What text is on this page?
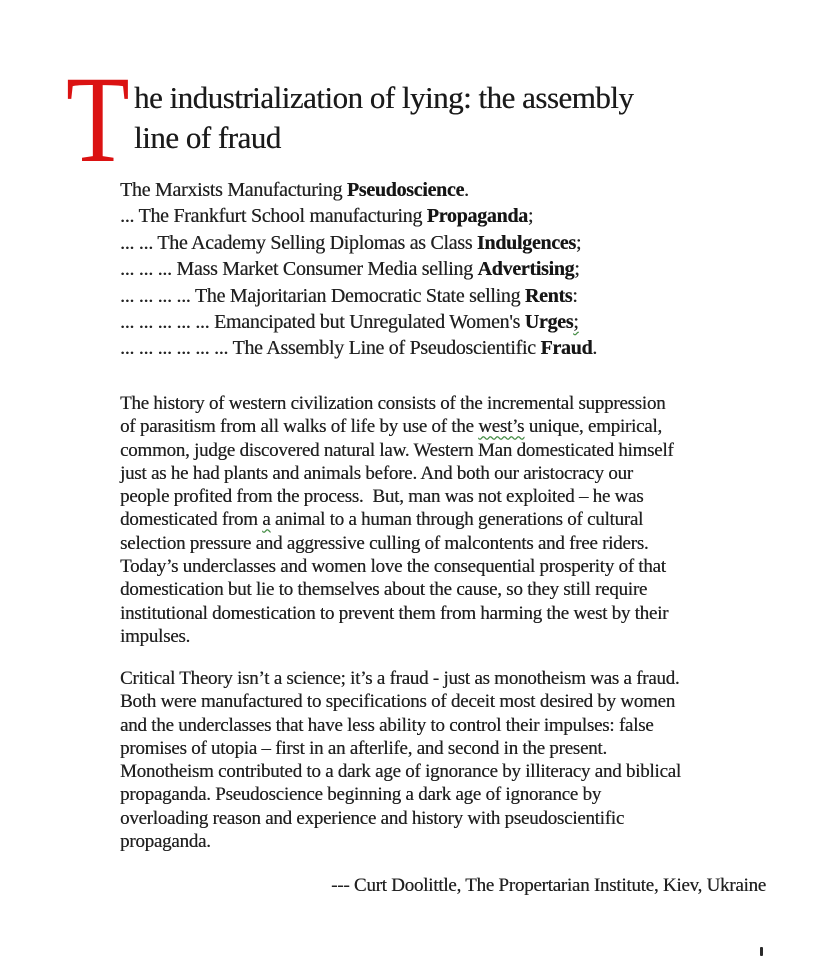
T he industrialization of lying: the assembly
line of fraud
The Marxists Manufacturing Pseudoscience.
... The Frankfurt School manufacturing Propaganda;
... ... The Academy Selling Diplomas as Class Indulgences;
... ... ... Mass Market Consumer Media selling Advertising;
... ... ... ... The Majoritarian Democratic State selling Rents:
... ... ... ... ... Emancipated but Unregulated Women's Urges;
... ... ... ... ... ... The Assembly Line of Pseudoscientific Fraud.
The history of western civilization consists of the incremental suppression
of parasitism from all walks of life by use of the west’s unique, empirical,
common, judge discovered natural law. Western Man domesticated himself
just as he had plants and animals before. And both our aristocracy our
people profited from the process.  But, man was not exploited – he was
domesticated from a animal to a human through generations of cultural
selection pressure and aggressive culling of malcontents and free riders.
Today’s underclasses and women love the consequential prosperity of that
domestication but lie to themselves about the cause, so they still require
institutional domestication to prevent them from harming the west by their
impulses.
Critical Theory isn’t a science; it’s a fraud - just as monotheism was a fraud.
Both were manufactured to specifications of deceit most desired by women
and the underclasses that have less ability to control their impulses: false
promises of utopia – first in an afterlife, and second in the present.
Monotheism contributed to a dark age of ignorance by illiteracy and biblical
propaganda. Pseudoscience beginning a dark age of ignorance by
overloading reason and experience and history with pseudoscientific
propaganda.
--- Curt Doolittle, The Propertarian Institute, Kiev, Ukraine
